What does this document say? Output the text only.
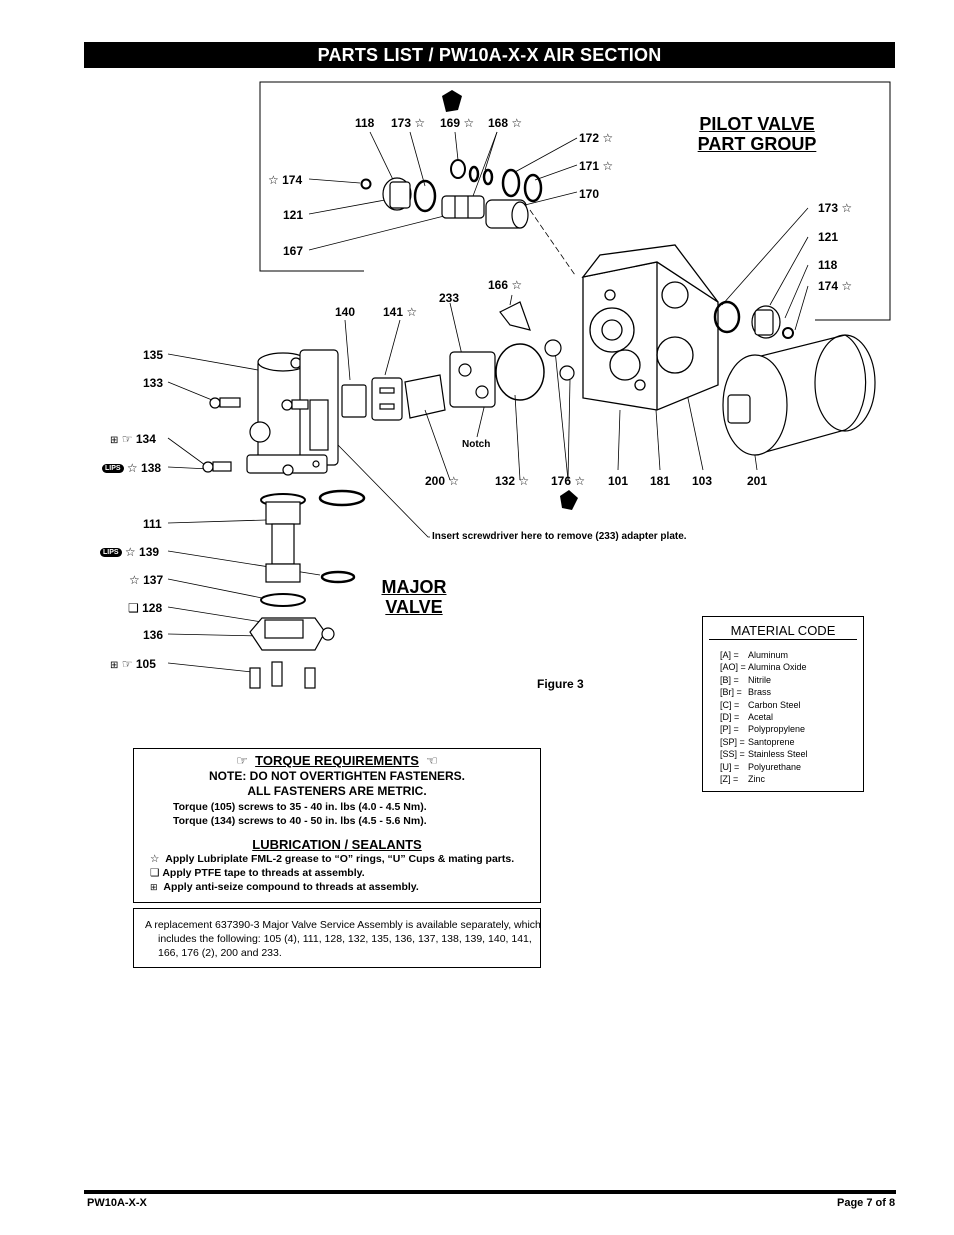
PARTS LIST / PW10A-X-X AIR SECTION
PILOT VALVE
PART GROUP
MAJOR
VALVE
118 173 ☆ 169 ☆ 168 ☆
☆ 174
121
167
172 ☆
171 ☆
170
173 ☆
121
118
174 ☆
166 ☆
233
140 141 ☆
Notch
200 ☆	132 ☆ 176 ☆ 101 181 103	201
Insert screwdriver here to remove (233) adapter plate.
135
133
⊞ ☞ 134
LIPS ☆ 138
111
LIPS ☆ 139
☆ 137
❑ 128
136
⊞ ☞ 105
Figure 3
MATERIAL CODE
[A] = Aluminum
[AO] = Alumina Oxide
[B] = Nitrile
[Br] = Brass
[C] = Carbon Steel
[D] = Acetal
[P] = Polypropylene
[SP] = Santoprene
[SS] = Stainless Steel
[U] = Polyurethane
[Z] = Zinc
☞ TORQUE REQUIREMENTS ☜
NOTE: DO NOT OVERTIGHTEN FASTENERS.
ALL FASTENERS ARE METRIC.
Torque (105) screws to 35 - 40 in. lbs (4.0 - 4.5 Nm).
Torque (134) screws to 40 - 50 in. lbs (4.5 - 5.6 Nm).
LUBRICATION / SEALANTS
☆ Apply Lubriplate FML-2 grease to “O” rings, “U” Cups & mating parts.
❑ Apply PTFE tape to threads at assembly.
⊞ Apply anti-seize compound to threads at assembly.
A replacement 637390-3 Major Valve Service Assembly is available separately, which includes the following: 105 (4), 111, 128, 132, 135, 136, 137, 138, 139, 140, 141, 166, 176 (2), 200 and 233.
PW10A-X-X	Page 7 of 8
